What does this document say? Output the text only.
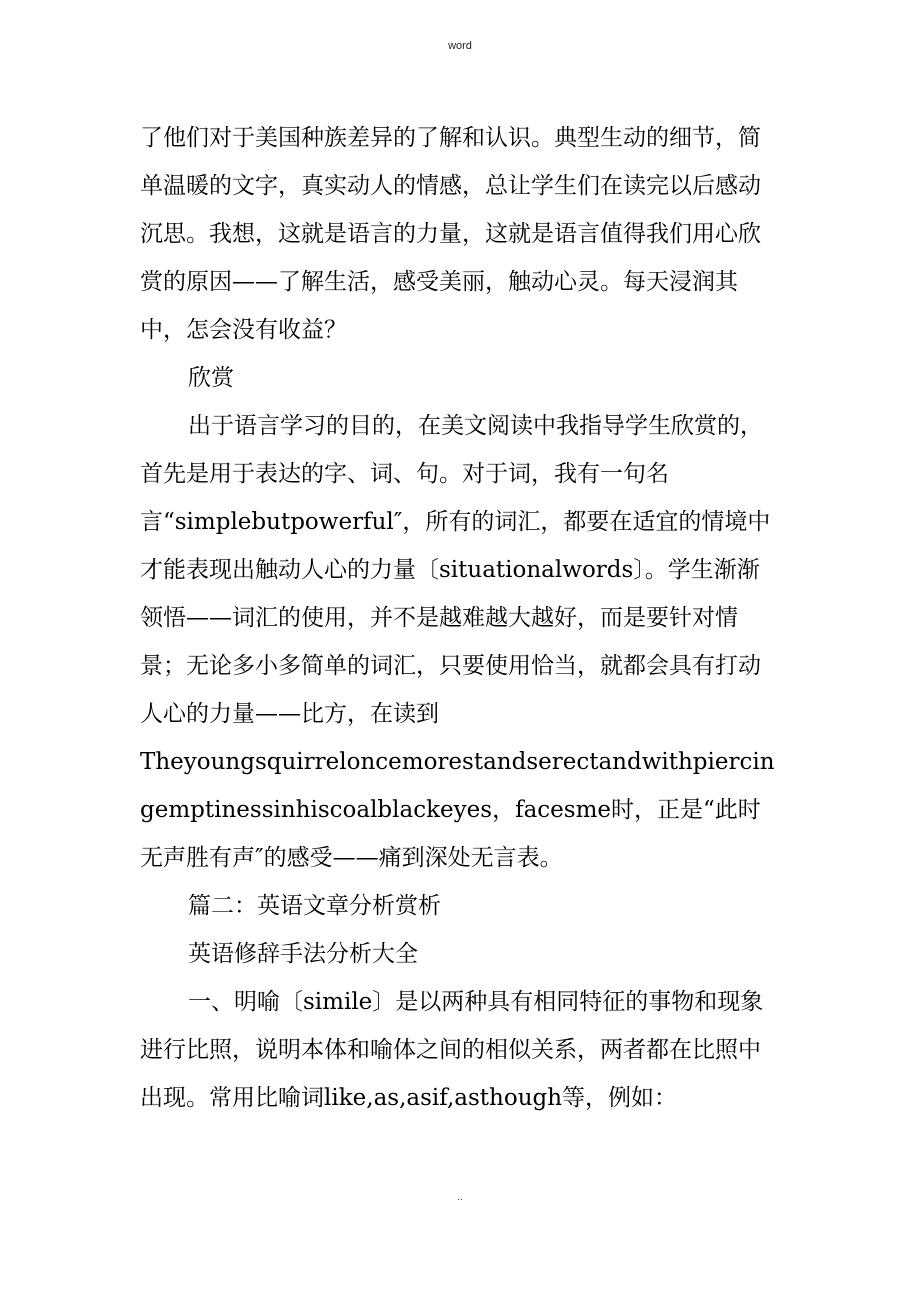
word

了他们对于美国种族差异的了解和认识。典型生动的细节，简单温暖的文字，真实动人的情感，总让学生们在读完以后感动沉思。我想，这就是语言的力量，这就是语言值得我们用心欣赏的原因——了解生活，感受美丽，触动心灵。每天浸润其中，怎会没有收益？

欣赏

出于语言学习的目的，在美文阅读中我指导学生欣赏的，首先是用于表达的字、词、句。对于词，我有一句名言“simplebutpowerful″，所有的词汇，都要在适宜的情境中才能表现出触动人心的力量〔situationalwords〕。学生渐渐领悟——词汇的使用，并不是越难越大越好，而是要针对情景；无论多小多简单的词汇，只要使用恰当，就都会具有打动人心的力量——比方，在读到

Theyoungsquirreloncemorestandserectandwithpiercingemptinessinhiscoalblackeyes，facesme时，正是“此时无声胜有声″的感受——痛到深处无言表。

篇二：英语文章分析赏析

英语修辞手法分析大全

一、明喻〔simile〕是以两种具有相同特征的事物和现象进行比照，说明本体和喻体之间的相似关系，两者都在比照中出现。常用比喻词like,as,asif,asthough等，例如：

..
